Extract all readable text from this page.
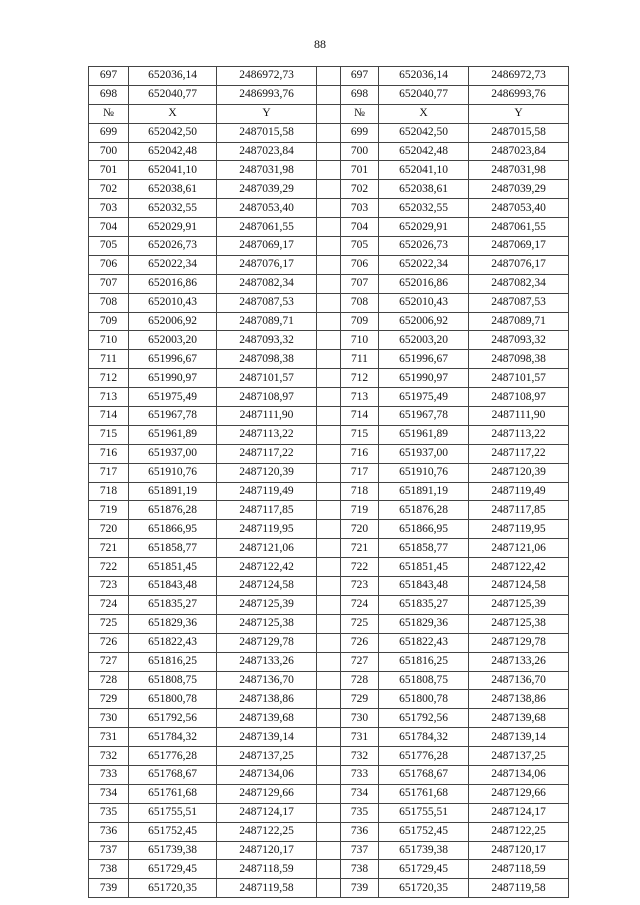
88
697	652036,14	2486972,73		697	652036,14	2486972,73
698	652040,77	2486993,76		698	652040,77	2486993,76
№	X	Y		№	X	Y
699	652042,50	2487015,58		699	652042,50	2487015,58
700	652042,48	2487023,84		700	652042,48	2487023,84
701	652041,10	2487031,98		701	652041,10	2487031,98
702	652038,61	2487039,29		702	652038,61	2487039,29
703	652032,55	2487053,40		703	652032,55	2487053,40
704	652029,91	2487061,55		704	652029,91	2487061,55
705	652026,73	2487069,17		705	652026,73	2487069,17
706	652022,34	2487076,17		706	652022,34	2487076,17
707	652016,86	2487082,34		707	652016,86	2487082,34
708	652010,43	2487087,53		708	652010,43	2487087,53
709	652006,92	2487089,71		709	652006,92	2487089,71
710	652003,20	2487093,32		710	652003,20	2487093,32
711	651996,67	2487098,38		711	651996,67	2487098,38
712	651990,97	2487101,57		712	651990,97	2487101,57
713	651975,49	2487108,97		713	651975,49	2487108,97
714	651967,78	2487111,90		714	651967,78	2487111,90
715	651961,89	2487113,22		715	651961,89	2487113,22
716	651937,00	2487117,22		716	651937,00	2487117,22
717	651910,76	2487120,39		717	651910,76	2487120,39
718	651891,19	2487119,49		718	651891,19	2487119,49
719	651876,28	2487117,85		719	651876,28	2487117,85
720	651866,95	2487119,95		720	651866,95	2487119,95
721	651858,77	2487121,06		721	651858,77	2487121,06
722	651851,45	2487122,42		722	651851,45	2487122,42
723	651843,48	2487124,58		723	651843,48	2487124,58
724	651835,27	2487125,39		724	651835,27	2487125,39
725	651829,36	2487125,38		725	651829,36	2487125,38
726	651822,43	2487129,78		726	651822,43	2487129,78
727	651816,25	2487133,26		727	651816,25	2487133,26
728	651808,75	2487136,70		728	651808,75	2487136,70
729	651800,78	2487138,86		729	651800,78	2487138,86
730	651792,56	2487139,68		730	651792,56	2487139,68
731	651784,32	2487139,14		731	651784,32	2487139,14
732	651776,28	2487137,25		732	651776,28	2487137,25
733	651768,67	2487134,06		733	651768,67	2487134,06
734	651761,68	2487129,66		734	651761,68	2487129,66
735	651755,51	2487124,17		735	651755,51	2487124,17
736	651752,45	2487122,25		736	651752,45	2487122,25
737	651739,38	2487120,17		737	651739,38	2487120,17
738	651729,45	2487118,59		738	651729,45	2487118,59
739	651720,35	2487119,58		739	651720,35	2487119,58
